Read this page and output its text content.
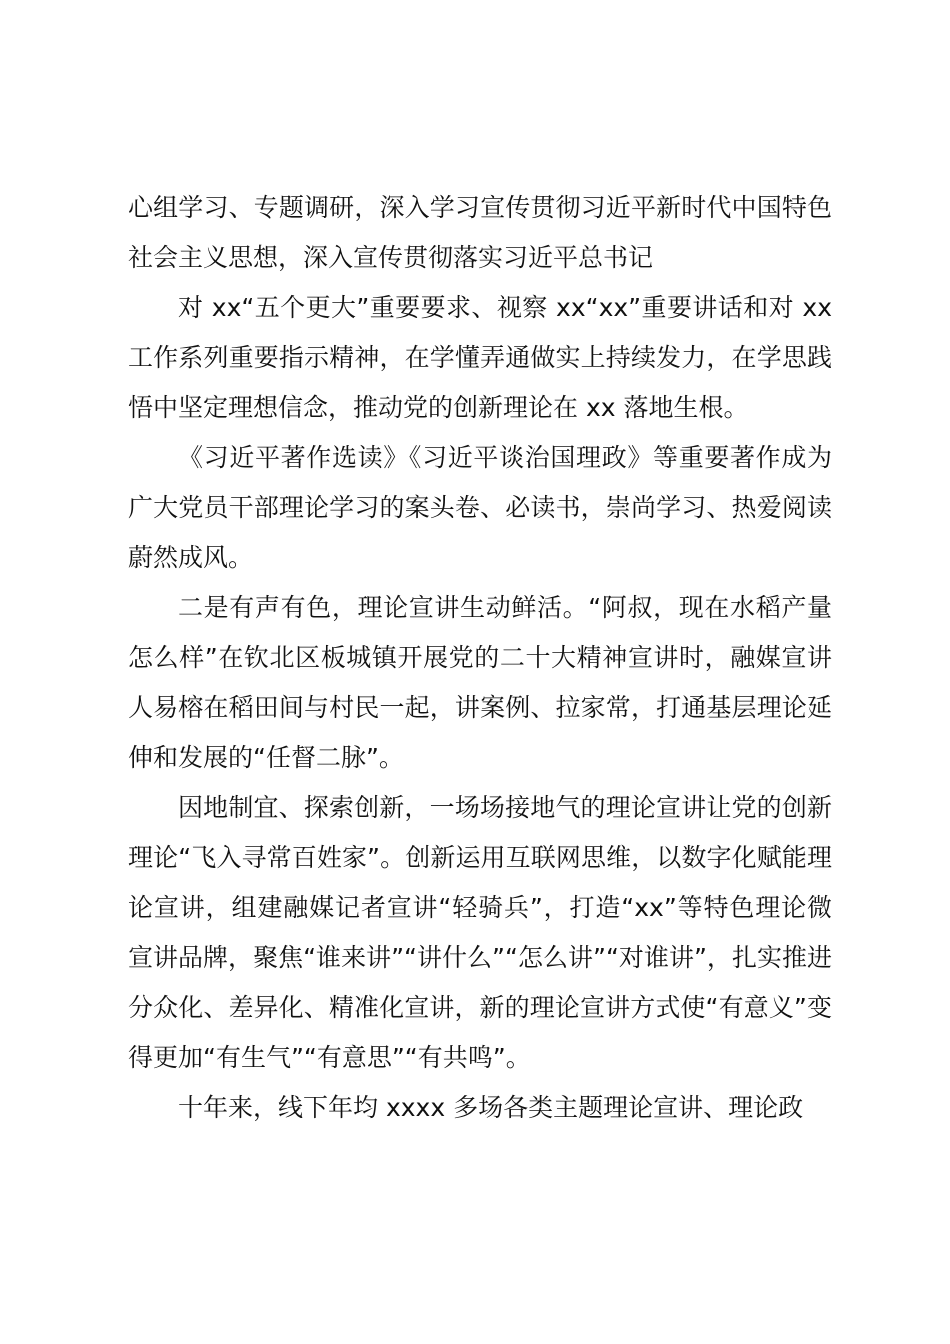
心组学习、专题调研，深入学习宣传贯彻习近平新时代中国特色社会主义思想，深入宣传贯彻落实习近平总书记

对 xx“五个更大”重要要求、视察 xx“xx”重要讲话和对 xx 工作系列重要指示精神，在学懂弄通做实上持续发力，在学思践悟中坚定理想信念，推动党的创新理论在 xx 落地生根。

《习近平著作选读》《习近平谈治国理政》等重要著作成为广大党员干部理论学习的案头卷、必读书，崇尚学习、热爱阅读蔚然成风。

二是有声有色，理论宣讲生动鲜活。“阿叔，现在水稻产量怎么样”在钦北区板城镇开展党的二十大精神宣讲时，融媒宣讲人易榕在稻田间与村民一起，讲案例、拉家常，打通基层理论延伸和发展的“任督二脉”。

因地制宜、探索创新，一场场接地气的理论宣讲让党的创新理论“飞入寻常百姓家”。创新运用互联网思维，以数字化赋能理论宣讲，组建融媒记者宣讲“轻骑兵”，打造“xx”等特色理论微宣讲品牌，聚焦“谁来讲”“讲什么”“怎么讲”“对谁讲”，扎实推进分众化、差异化、精准化宣讲，新的理论宣讲方式使“有意义”变得更加“有生气”“有意思”“有共鸣”。

十年来，线下年均 xxxx 多场各类主题理论宣讲、理论政
